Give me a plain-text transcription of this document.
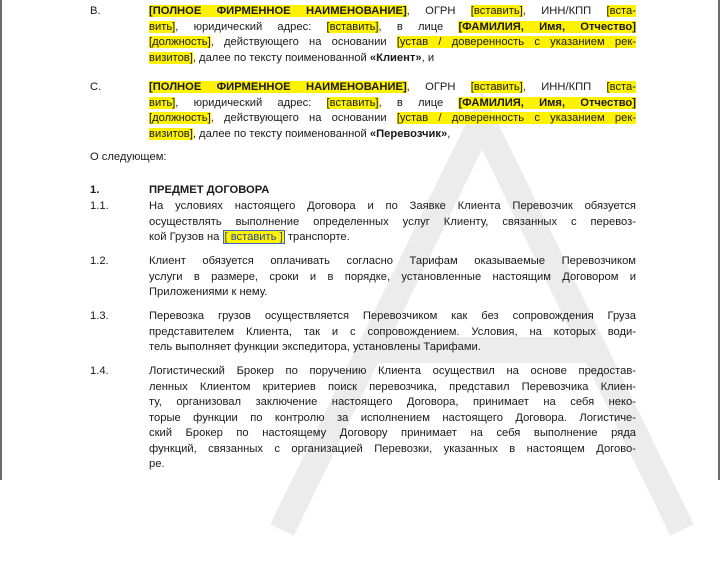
B.	[ПОЛНОЕ ФИРМЕННОЕ НАИМЕНОВАНИЕ], ОГРН [вставить], ИНН/КПП [вста-
вить], юридический адрес: [вставить], в лице [ФАМИЛИЯ, Имя, Отчество]
[должность], действующего на основании [устав / доверенность с указанием рек-
визитов], далее по тексту поименованной «Клиент», и
C.	[ПОЛНОЕ ФИРМЕННОЕ НАИМЕНОВАНИЕ], ОГРН [вставить], ИНН/КПП [вста-
вить], юридический адрес: [вставить], в лице [ФАМИЛИЯ, Имя, Отчество]
[должность], действующего на основании [устав / доверенность с указанием рек-
визитов], далее по тексту поименованной «Перевозчик»,
О следующем:
1.	ПРЕДМЕТ ДОГОВОРА
1.1.	На условиях настоящего Договора и по Заявке Клиента Перевозчик обязуется
осуществлять выполнение определенных услуг Клиенту, связанных с перевоз-
кой Грузов на [ вставить ] транспорте.
1.2.	Клиент обязуется оплачивать согласно Тарифам оказываемые Перевозчиком
услуги в размере, сроки и в порядке, установленные настоящим Договором и
Приложениями к нему.
1.3.	Перевозка грузов осуществляется Перевозчиком как без сопровождения Груза
представителем Клиента, так и с сопровождением. Условия, на которых води-
тель выполняет функции экспедитора, установлены Тарифами.
1.4.	Логистический Брокер по поручению Клиента осуществил на основе предостав-
ленных Клиентом критериев поиск перевозчика, представил Перевозчика Клиен-
ту, организовал заключение настоящего Договора, принимает на себя неко-
торые функции по контролю за исполнением настоящего Договора. Логистиче-
ский Брокер по настоящему Договору принимает на себя выполнение ряда
функций, связанных с организацией Перевозки, указанных в настоящем Догово-
ре.
